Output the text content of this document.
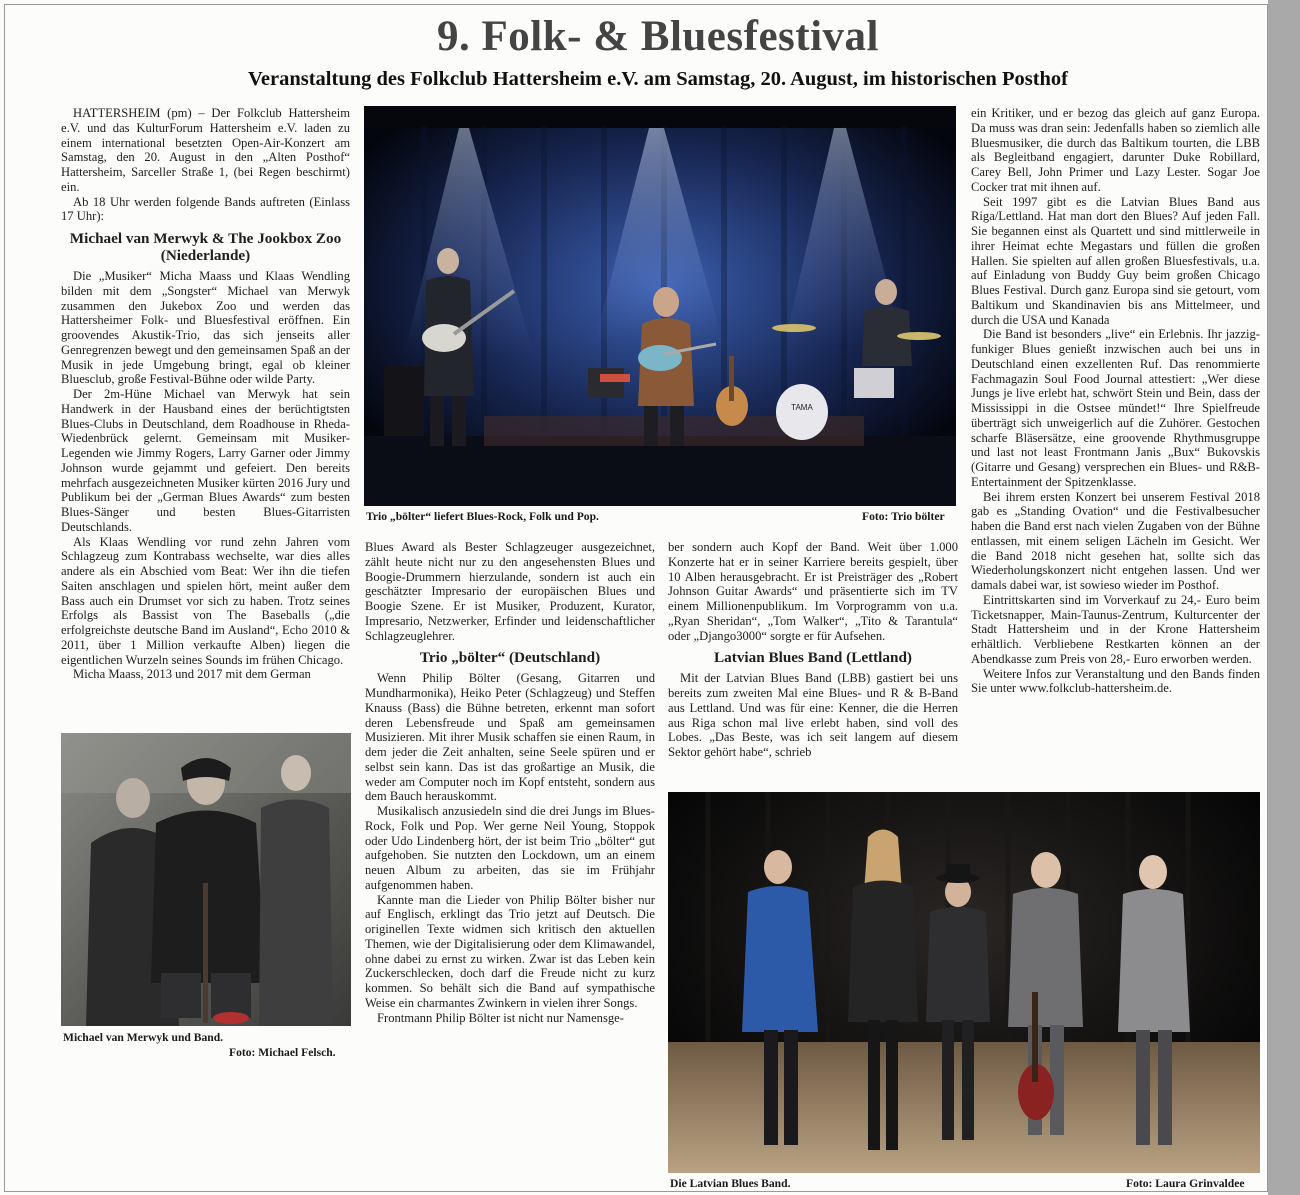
9. Folk- & Bluesfestival
Veranstaltung des Folkclub Hattersheim e.V. am Samstag, 20. August, im historischen Posthof

HATTERSHEIM (pm) – Der Folkclub Hattersheim e.V. und das KulturForum Hattersheim e.V. laden zu einem international besetzten Open-Air-Konzert am Samstag, den 20. August in den „Alten Posthof“ Hattersheim, Sarceller Straße 1, (bei Regen beschirmt) ein.

Ab 18 Uhr werden folgende Bands auftreten (Einlass 17 Uhr):

Michael van Merwyk & The Jookbox Zoo (Niederlande)

Die „Musiker“ Micha Maass und Klaas Wendling bilden mit dem „Songster“ Michael van Merwyk zusammen den Jukebox Zoo und werden das Hattersheimer Folk- und Bluesfestival eröffnen. Ein groovendes Akustik-Trio, das sich jenseits aller Genregrenzen bewegt und den gemeinsamen Spaß an der Musik in jede Umgebung bringt, egal ob kleiner Bluesclub, große Festival-Bühne oder wilde Party.

Der 2m-Hüne Michael van Merwyk hat sein Handwerk in der Hausband eines der berüchtigtsten Blues-Clubs in Deutschland, dem Roadhouse in Rheda-Wiedenbrück gelernt. Gemeinsam mit Musiker-Legenden wie Jimmy Rogers, Larry Garner oder Jimmy Johnson wurde gejammt und gefeiert. Den bereits mehrfach ausgezeichneten Musiker kürten 2016 Jury und Publikum bei der „German Blues Awards“ zum besten Blues-Sänger und besten Blues-Gitarristen Deutschlands.

Als Klaas Wendling vor rund zehn Jahren vom Schlagzeug zum Kontrabass wechselte, war dies alles andere als ein Abschied vom Beat: Wer ihn die tiefen Saiten anschlagen und spielen hört, meint außer dem Bass auch ein Drumset vor sich zu haben. Trotz seines Erfolgs als Bassist von The Baseballs („die erfolgreichste deutsche Band im Ausland“, Echo 2010 & 2011, über 1 Million verkaufte Alben) liegen die eigentlichen Wurzeln seines Sounds im frühen Chicago.

Micha Maass, 2013 und 2017 mit dem German

Michael van Merwyk und Band.
Foto: Michael Felsch.
TAMA
Trio „bölter“ liefert Blues-Rock, Folk und Pop.	Foto: Trio bölter

Blues Award als Bester Schlagzeuger ausgezeichnet, zählt heute nicht nur zu den angesehensten Blues und Boogie-Drummern hierzulande, sondern ist auch ein geschätzter Impresario der europäischen Blues und Boogie Szene. Er ist Musiker, Produzent, Kurator, Impresario, Netzwerker, Erfinder und leidenschaftlicher Schlagzeuglehrer.

Trio „bölter“ (Deutschland)

Wenn Philip Bölter (Gesang, Gitarren und Mundharmonika), Heiko Peter (Schlagzeug) und Steffen Knauss (Bass) die Bühne betreten, erkennt man sofort deren Lebensfreude und Spaß am gemeinsamen Musizieren. Mit ihrer Musik schaffen sie einen Raum, in dem jeder die Zeit anhalten, seine Seele spüren und er selbst sein kann. Das ist das großartige an Musik, die weder am Computer noch im Kopf entsteht, sondern aus dem Bauch herauskommt.

Musikalisch anzusiedeln sind die drei Jungs im Blues-Rock, Folk und Pop. Wer gerne Neil Young, Stoppok oder Udo Lindenberg hört, der ist beim Trio „bölter“ gut aufgehoben. Sie nutzten den Lockdown, um an einem neuen Album zu arbeiten, das sie im Frühjahr aufgenommen haben.

Kannte man die Lieder von Philip Bölter bisher nur auf Englisch, erklingt das Trio jetzt auf Deutsch. Die originellen Texte widmen sich kritisch den aktuellen Themen, wie der Digitalisierung oder dem Klimawandel, ohne dabei zu ernst zu wirken. Zwar ist das Leben kein Zuckerschlecken, doch darf die Freude nicht zu kurz kommen. So behält sich die Band auf sympathische Weise ein charmantes Zwinkern in vielen ihrer Songs.

Frontmann Philip Bölter ist nicht nur Namensge-

ber sondern auch Kopf der Band. Weit über 1.000 Konzerte hat er in seiner Karriere bereits gespielt, über 10 Alben herausgebracht. Er ist Preisträger des „Robert Johnson Guitar Awards“ und präsentierte sich im TV einem Millionenpublikum. Im Vorprogramm von u.a. „Ryan Sheridan“, „Tom Walker“, „Tito & Tarantula“ oder „Django3000“ sorgte er für Aufsehen.

Latvian Blues Band (Lettland)

Mit der Latvian Blues Band (LBB) gastiert bei uns bereits zum zweiten Mal eine Blues- und R & B-Band aus Lettland. Und was für eine: Kenner, die die Herren aus Riga schon mal live erlebt haben, sind voll des Lobes. „Das Beste, was ich seit langem auf diesem Sektor gehört habe“, schrieb

ein Kritiker, und er bezog das gleich auf ganz Europa. Da muss was dran sein: Jedenfalls haben so ziemlich alle Bluesmusiker, die durch das Baltikum tourten, die LBB als Begleitband engagiert, darunter Duke Robillard, Carey Bell, John Primer und Lazy Lester. Sogar Joe Cocker trat mit ihnen auf.

Seit 1997 gibt es die Latvian Blues Band aus Riga/Lettland. Hat man dort den Blues? Auf jeden Fall. Sie begannen einst als Quartett und sind mittlerweile in ihrer Heimat echte Megastars und füllen die großen Hallen. Sie spielten auf allen großen Bluesfestivals, u.a. auf Einladung von Buddy Guy beim großen Chicago Blues Festival. Durch ganz Europa sind sie getourt, vom Baltikum und Skandinavien bis ans Mittelmeer, und durch die USA und Kanada

Die Band ist besonders „live“ ein Erlebnis. Ihr jazzig-funkiger Blues genießt inzwischen auch bei uns in Deutschland einen exzellenten Ruf. Das renommierte Fachmagazin Soul Food Journal attestiert: „Wer diese Jungs je live erlebt hat, schwört Stein und Bein, dass der Mississippi in die Ostsee mündet!“ Ihre Spielfreude überträgt sich unweigerlich auf die Zuhörer. Gestochen scharfe Bläsersätze, eine groovende Rhythmusgruppe und last not least Frontmann Janis „Bux“ Bukovskis (Gitarre und Gesang) versprechen ein Blues- und R&B-Entertainment der Spitzenklasse.

Bei ihrem ersten Konzert bei unserem Festival 2018 gab es „Standing Ovation“ und die Festivalbesucher haben die Band erst nach vielen Zugaben von der Bühne entlassen, mit einem seligen Lächeln im Gesicht. Wer die Band 2018 nicht gesehen hat, sollte sich das Wiederholungskonzert nicht entgehen lassen. Und wer damals dabei war, ist sowieso wieder im Posthof.

Eintrittskarten sind im Vorverkauf zu 24,- Euro beim Ticketsnapper, Main-Taunus-Zentrum, Kulturcenter der Stadt Hattersheim und in der Krone Hattersheim erhältlich. Verbliebene Restkarten können an der Abendkasse zum Preis von 28,- Euro erworben werden.

Weitere Infos zur Veranstaltung und den Bands finden Sie unter www.folkclub-hattersheim.de.

Die Latvian Blues Band.	Foto: Laura Grinvaldee
